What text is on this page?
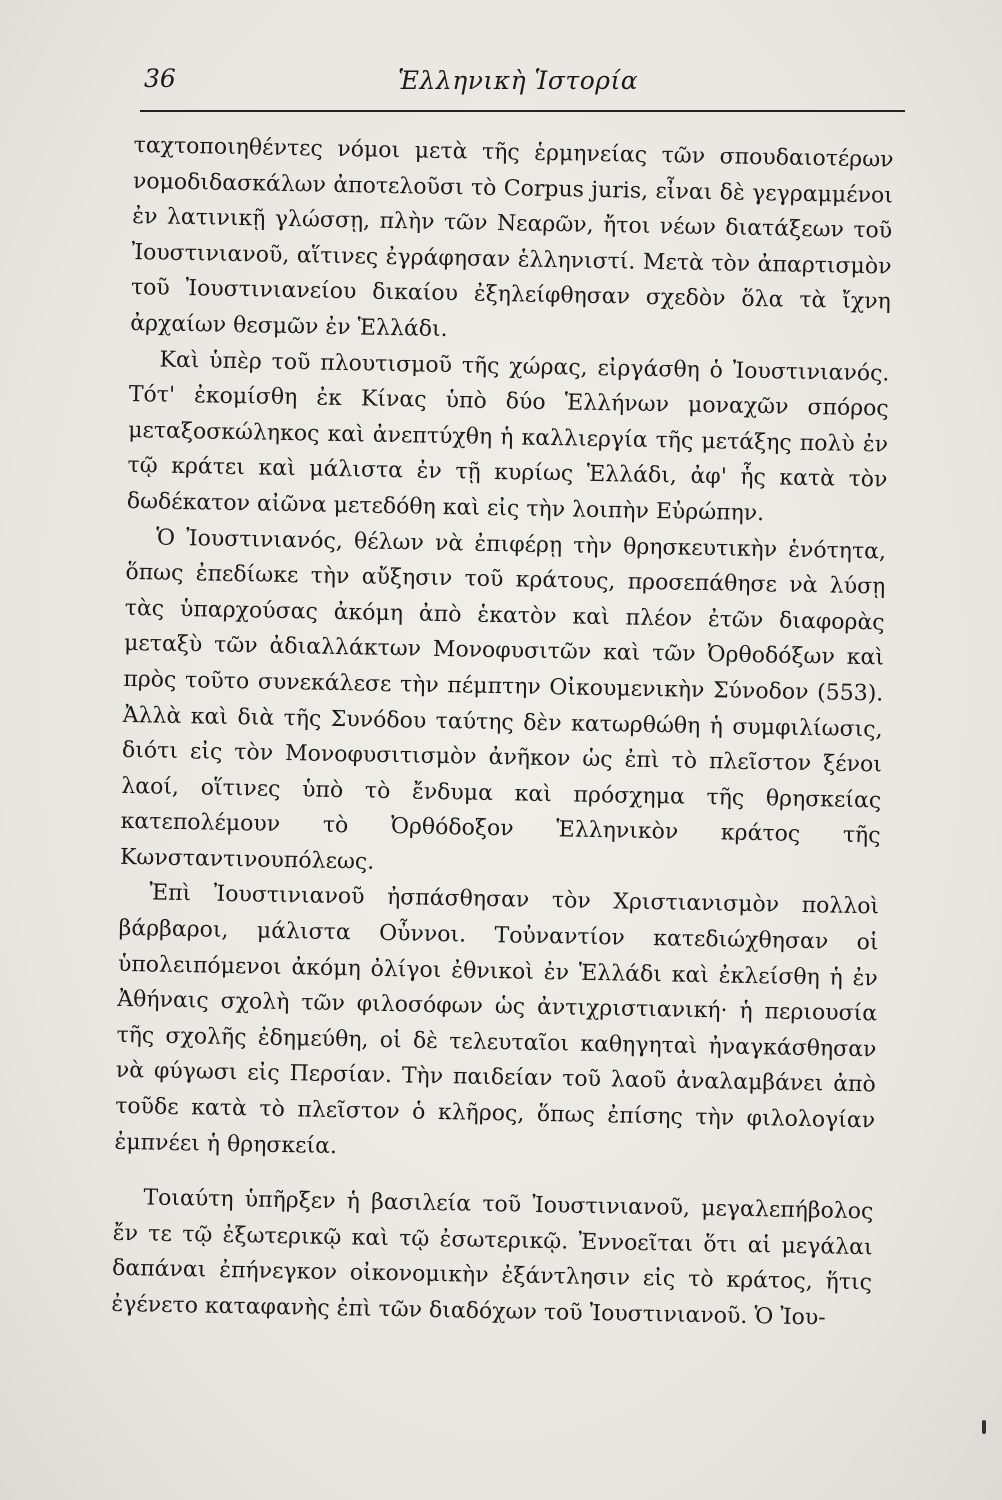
36	Ἑλληνικὴ Ἱστορία

ταχτοποιηθέντες νόμοι μετὰ τῆς ἑρμηνείας τῶν σπουδαιοτέρων νομοδιδασκάλων ἀποτελοῦσι τὸ Corpus juris, εἶναι δὲ γεγραμμένοι ἐν λατινικῇ γλώσσῃ, πλὴν τῶν Νεαρῶν, ἤτοι νέων διατάξεων τοῦ Ἰουστινιανοῦ, αἵτινες ἐγράφησαν ἑλληνιστί. Μετὰ τὸν ἀπαρτισμὸν τοῦ Ἰουστινιανείου δικαίου ἐξηλείφθησαν σχεδὸν ὅλα τὰ ἴχνη ἀρχαίων θεσμῶν ἐν Ἑλλάδι.

Καὶ ὑπὲρ τοῦ πλουτισμοῦ τῆς χώρας, εἰργάσθη ὁ Ἰουστινιανός. Τότ' ἐκομίσθη ἐκ Κίνας ὑπὸ δύο Ἑλλήνων μοναχῶν σπόρος μεταξοσκώληκος καὶ ἀνεπτύχθη ἡ καλλιεργία τῆς μετάξης πολὺ ἐν τῷ κράτει καὶ μάλιστα ἐν τῇ κυρίως Ἑλλάδι, ἀφ' ἧς κατὰ τὸν δωδέκατον αἰῶνα μετεδόθη καὶ εἰς τὴν λοιπὴν Εὐρώπην.

Ὁ Ἰουστινιανός, θέλων νὰ ἐπιφέρῃ τὴν θρησκευτικὴν ἑνότητα, ὅπως ἐπεδίωκε τὴν αὔξησιν τοῦ κράτους, προσεπάθησε νὰ λύσῃ τὰς ὑπαρχούσας ἀκόμη ἀπὸ ἑκατὸν καὶ πλέον ἐτῶν διαφορὰς μεταξὺ τῶν ἀδιαλλάκτων Μονοφυσιτῶν καὶ τῶν Ὀρθοδόξων καὶ πρὸς τοῦτο συνεκάλεσε τὴν πέμπτην Οἰκουμενικὴν Σύνοδον (553). Ἀλλὰ καὶ διὰ τῆς Συνόδου ταύτης δὲν κατωρθώθη ἡ συμφιλίωσις, διότι εἰς τὸν Μονοφυσιτισμὸν ἀνῆκον ὡς ἐπὶ τὸ πλεῖστον ξένοι λαοί, οἵτινες ὑπὸ τὸ ἔνδυμα καὶ πρόσχημα τῆς θρησκείας κατεπολέμουν τὸ Ὀρθόδοξον Ἑλληνικὸν κράτος τῆς Κωνσταντινουπόλεως.

Ἐπὶ Ἰουστινιανοῦ ἠσπάσθησαν τὸν Χριστιανισμὸν πολλοὶ βάρβαροι, μάλιστα Οὖννοι. Τοὐναντίον κατεδιώχθησαν οἱ ὑπολειπόμενοι ἀκόμη ὀλίγοι ἐθνικοὶ ἐν Ἑλλάδι καὶ ἐκλείσθη ἡ ἐν Ἀθήναις σχολὴ τῶν φιλοσόφων ὡς ἀντιχριστιανική· ἡ περιουσία τῆς σχολῆς ἐδημεύθη, οἱ δὲ τελευταῖοι καθηγηταὶ ἠναγκάσθησαν νὰ φύγωσι εἰς Περσίαν. Τὴν παιδείαν τοῦ λαοῦ ἀναλαμβάνει ἀπὸ τοῦδε κατὰ τὸ πλεῖστον ὁ κλῆρος, ὅπως ἐπίσης τὴν φιλολογίαν ἐμπνέει ἡ θρησκεία.

Τοιαύτη ὑπῆρξεν ἡ βασιλεία τοῦ Ἰουστινιανοῦ, μεγαλεπήβολος ἔν τε τῷ ἐξωτερικῷ καὶ τῷ ἐσωτερικῷ. Ἐννοεῖται ὅτι αἱ μεγάλαι δαπάναι ἐπήνεγκον οἰκονομικὴν ἐξάντλησιν εἰς τὸ κράτος, ἥτις ἐγένετο καταφανὴς ἐπὶ τῶν διαδόχων τοῦ Ἰουστινιανοῦ. Ὁ Ἰου-
